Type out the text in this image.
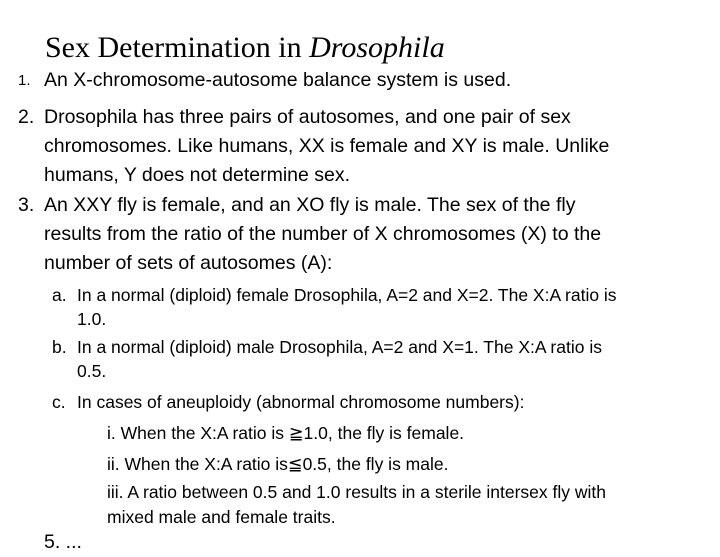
Sex Determination in Drosophila
1. An X-chromosome-autosome balance system is used.
2. Drosophila has three pairs of autosomes, and one pair of sex
chromosomes. Like humans, XX is female and XY is male. Unlike
humans, Y does not determine sex.
3. An XXY fly is female, and an XO fly is male. The sex of the fly
results from the ratio of the number of X chromosomes (X) to the
number of sets of autosomes (A):
a. In a normal (diploid) female Drosophila, A=2 and X=2. The X:A ratio is
1.0.
b. In a normal (diploid) male Drosophila, A=2 and X=1. The X:A ratio is
0.5.
c. In cases of aneuploidy (abnormal chromosome numbers):
i. When the X:A ratio is ≧1.0, the fly is female.
ii. When the X:A ratio is≦0.5, the fly is male.
iii. A ratio between 0.5 and 1.0 results in a sterile intersex fly with
mixed male and female traits.
5. ...
